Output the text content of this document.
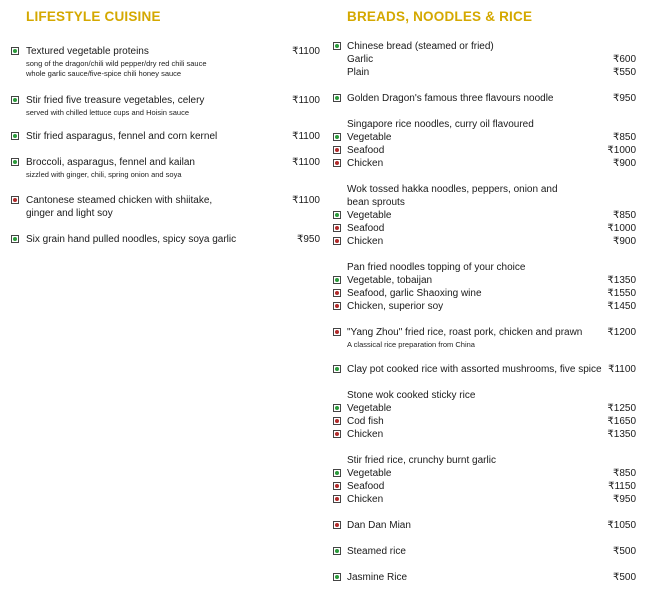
LIFESTYLE CUISINE
Textured vegetable proteins	₹1100
song of the dragon/chili wild pepper/dry red chili sauce
whole garlic sauce/five-spice chili honey sauce
Stir fried five treasure vegetables, celery	₹1100
served with chilled lettuce cups and Hoisin sauce
Stir fried asparagus, fennel and corn kernel	₹1100
Broccoli, asparagus, fennel and kailan	₹1100
sizzled with ginger, chili, spring onion and soya
Cantonese steamed chicken with shiitake,	₹1100
ginger and light soy
Six grain hand pulled noodles, spicy soya garlic	₹950
BREADS, NOODLES & RICE
Chinese bread (steamed or fried)
Garlic	₹600
Plain	₹550
Golden Dragon's famous three flavours noodle	₹950
Singapore rice noodles, curry oil flavoured
Vegetable	₹850
Seafood	₹1000
Chicken	₹900
Wok tossed hakka noodles, peppers, onion and
bean sprouts
Vegetable	₹850
Seafood	₹1000
Chicken	₹900
Pan fried noodles topping of your choice
Vegetable, tobaijan	₹1350
Seafood, garlic Shaoxing wine	₹1550
Chicken, superior soy	₹1450
"Yang Zhou" fried rice, roast pork, chicken and prawn	₹1200
A classical rice preparation from China
Clay pot cooked rice with assorted mushrooms, five spice ₹1100
Stone wok cooked sticky rice
Vegetable	₹1250
Cod fish	₹1650
Chicken	₹1350
Stir fried rice, crunchy burnt garlic
Vegetable	₹850
Seafood	₹1150
Chicken	₹950
Dan Dan Mian	₹1050
Steamed rice	₹500
Jasmine Rice	₹500
